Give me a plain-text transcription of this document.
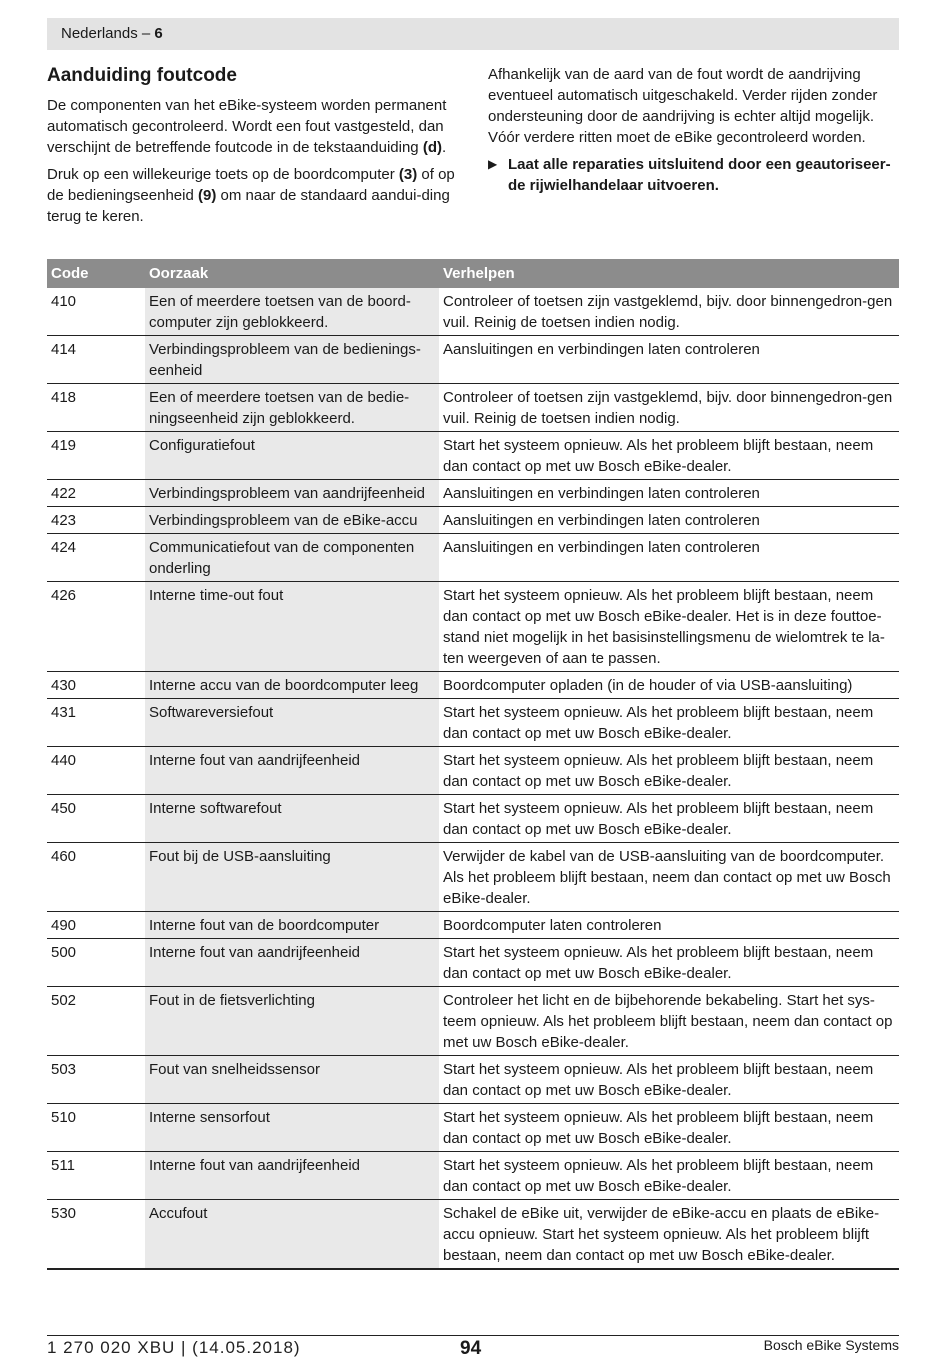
Nederlands – 6
Aanduiding foutcode

De componenten van het eBike-systeem worden permanent automatisch gecontroleerd. Wordt een fout vastgesteld, dan verschijnt de betreffende foutcode in de tekstaanduiding (d).

Druk op een willekeurige toets op de boordcomputer (3) of op de bedieningseenheid (9) om naar de standaard aandui-ding terug te keren.

Afhankelijk van de aard van de fout wordt de aandrijving eventueel automatisch uitgeschakeld. Verder rijden zonder ondersteuning door de aandrijving is echter altijd mogelijk. Vóór verdere ritten moet de eBike gecontroleerd worden.

▶ Laat alle reparaties uitsluitend door een geautoriseer-de rijwielhandelaar uitvoeren.
Code	Oorzaak	Verhelpen
410	Een of meerdere toetsen van de boord-computer zijn geblokkeerd.	Controleer of toetsen zijn vastgeklemd, bijv. door binnengedron-gen vuil. Reinig de toetsen indien nodig.
414	Verbindingsprobleem van de bedienings-eenheid	Aansluitingen en verbindingen laten controleren
418	Een of meerdere toetsen van de bedie-ningseenheid zijn geblokkeerd.	Controleer of toetsen zijn vastgeklemd, bijv. door binnengedron-gen vuil. Reinig de toetsen indien nodig.
419	Configuratiefout	Start het systeem opnieuw. Als het probleem blijft bestaan, neem dan contact op met uw Bosch eBike-dealer.
422	Verbindingsprobleem van aandrijfeenheid	Aansluitingen en verbindingen laten controleren
423	Verbindingsprobleem van de eBike-accu	Aansluitingen en verbindingen laten controleren
424	Communicatiefout van de componenten onderling	Aansluitingen en verbindingen laten controleren
426	Interne time-out fout	Start het systeem opnieuw. Als het probleem blijft bestaan, neem dan contact op met uw Bosch eBike-dealer. Het is in deze fouttoe-stand niet mogelijk in het basisinstellingsmenu de wielomtrek te la-ten weergeven of aan te passen.
430	Interne accu van de boordcomputer leeg	Boordcomputer opladen (in de houder of via USB-aansluiting)
431	Softwareversiefout	Start het systeem opnieuw. Als het probleem blijft bestaan, neem dan contact op met uw Bosch eBike-dealer.
440	Interne fout van aandrijfeenheid	Start het systeem opnieuw. Als het probleem blijft bestaan, neem dan contact op met uw Bosch eBike-dealer.
450	Interne softwarefout	Start het systeem opnieuw. Als het probleem blijft bestaan, neem dan contact op met uw Bosch eBike-dealer.
460	Fout bij de USB-aansluiting	Verwijder de kabel van de USB-aansluiting van de boordcomputer. Als het probleem blijft bestaan, neem dan contact op met uw Bosch eBike-dealer.
490	Interne fout van de boordcomputer	Boordcomputer laten controleren
500	Interne fout van aandrijfeenheid	Start het systeem opnieuw. Als het probleem blijft bestaan, neem dan contact op met uw Bosch eBike-dealer.
502	Fout in de fietsverlichting	Controleer het licht en de bijbehorende bekabeling. Start het sys-teem opnieuw. Als het probleem blijft bestaan, neem dan contact op met uw Bosch eBike-dealer.
503	Fout van snelheidssensor	Start het systeem opnieuw. Als het probleem blijft bestaan, neem dan contact op met uw Bosch eBike-dealer.
510	Interne sensorfout	Start het systeem opnieuw. Als het probleem blijft bestaan, neem dan contact op met uw Bosch eBike-dealer.
511	Interne fout van aandrijfeenheid	Start het systeem opnieuw. Als het probleem blijft bestaan, neem dan contact op met uw Bosch eBike-dealer.
530	Accufout	Schakel de eBike uit, verwijder de eBike-accu en plaats de eBike-accu opnieuw. Start het systeem opnieuw. Als het probleem blijft bestaan, neem dan contact op met uw Bosch eBike-dealer.
1 270 020 XBU | (14.05.2018)	94	Bosch eBike Systems
